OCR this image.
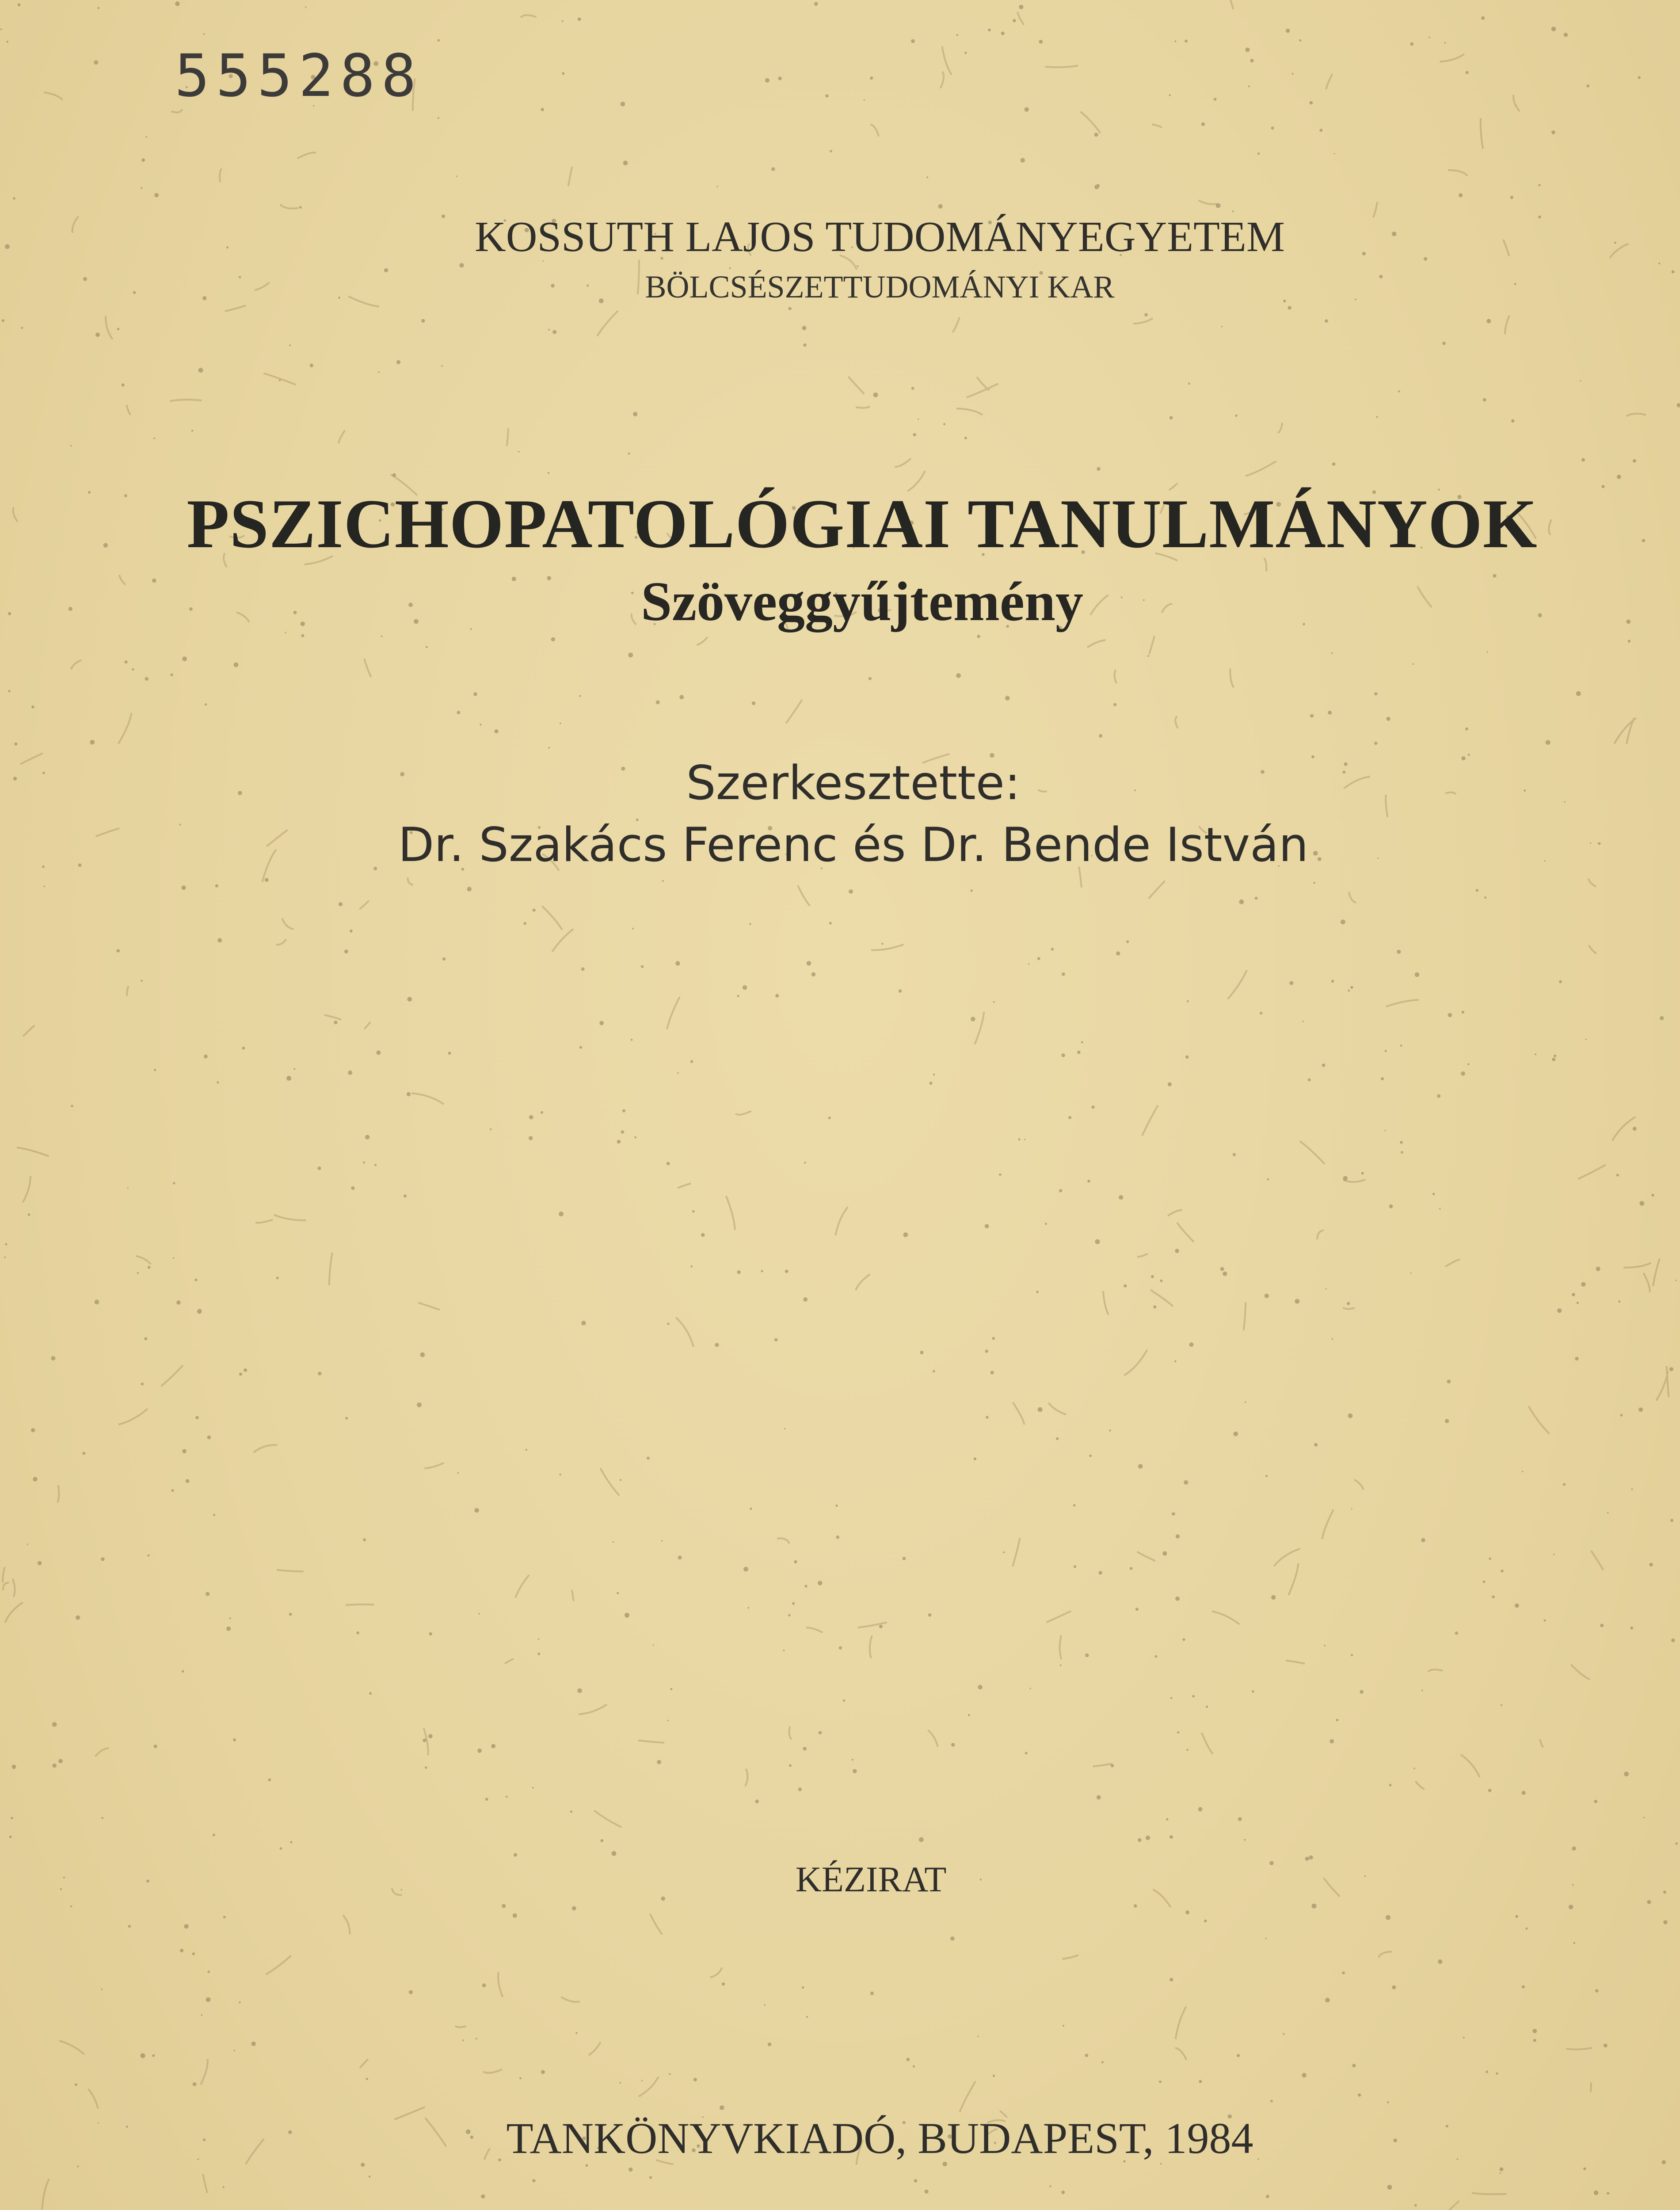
555288
KOSSUTH LAJOS TUDOMÁNYEGYETEM
BÖLCSÉSZETTUDOMÁNYI KAR
PSZICHOPATOLÓGIAI TANULMÁNYOK
Szöveggyűjtemény
Szerkesztette:
Dr. Szakács Ferenc és Dr. Bende István
KÉZIRAT
TANKÖNYVKIADÓ, BUDAPEST, 1984
